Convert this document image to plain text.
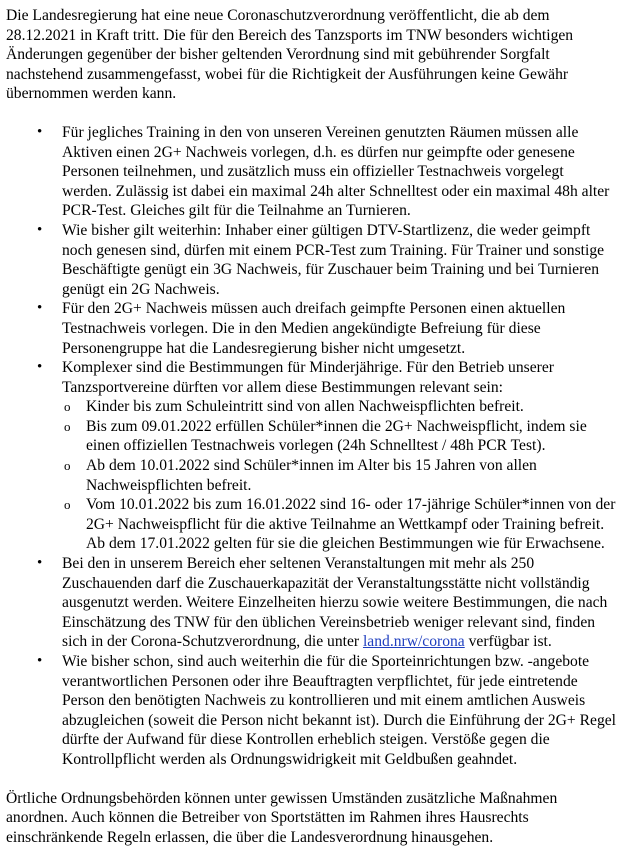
Die Landesregierung hat eine neue Coronaschutzverordnung veröffentlicht, die ab dem 28.12.2021 in Kraft tritt. Die für den Bereich des Tanzsports im TNW besonders wichtigen Änderungen gegenüber der bisher geltenden Verordnung sind mit gebührender Sorgfalt nachstehend zusammengefasst, wobei für die Richtigkeit der Ausführungen keine Gewähr übernommen werden kann.

• Für jegliches Training in den von unseren Vereinen genutzten Räumen müssen alle Aktiven einen 2G+ Nachweis vorlegen, d.h. es dürfen nur geimpfte oder genesene Personen teilnehmen, und zusätzlich muss ein offizieller Testnachweis vorgelegt werden. Zulässig ist dabei ein maximal 24h alter Schnelltest oder ein maximal 48h alter PCR-Test. Gleiches gilt für die Teilnahme an Turnieren.
• Wie bisher gilt weiterhin: Inhaber einer gültigen DTV-Startlizenz, die weder geimpft noch genesen sind, dürfen mit einem PCR-Test zum Training. Für Trainer und sonstige Beschäftigte genügt ein 3G Nachweis, für Zuschauer beim Training und bei Turnieren genügt ein 2G Nachweis.
• Für den 2G+ Nachweis müssen auch dreifach geimpfte Personen einen aktuellen Testnachweis vorlegen. Die in den Medien angekündigte Befreiung für diese Personengruppe hat die Landesregierung bisher nicht umgesetzt.
• Komplexer sind die Bestimmungen für Minderjährige. Für den Betrieb unserer Tanzsportvereine dürften vor allem diese Bestimmungen relevant sein:
o Kinder bis zum Schuleintritt sind von allen Nachweispflichten befreit.
o Bis zum 09.01.2022 erfüllen Schüler*innen die 2G+ Nachweispflicht, indem sie einen offiziellen Testnachweis vorlegen (24h Schnelltest / 48h PCR Test).
o Ab dem 10.01.2022 sind Schüler*innen im Alter bis 15 Jahren von allen Nachweispflichten befreit.
o Vom 10.01.2022 bis zum 16.01.2022 sind 16- oder 17-jährige Schüler*innen von der 2G+ Nachweispflicht für die aktive Teilnahme an Wettkampf oder Training befreit. Ab dem 17.01.2022 gelten für sie die gleichen Bestimmungen wie für Erwachsene.
• Bei den in unserem Bereich eher seltenen Veranstaltungen mit mehr als 250 Zuschauenden darf die Zuschauerkapazität der Veranstaltungsstätte nicht vollständig ausgenutzt werden. Weitere Einzelheiten hierzu sowie weitere Bestimmungen, die nach Einschätzung des TNW für den üblichen Vereinsbetrieb weniger relevant sind, finden sich in der Corona-Schutzverordnung, die unter land.nrw/corona verfügbar ist.
• Wie bisher schon, sind auch weiterhin die für die Sporteinrichtungen bzw. -angebote verantwortlichen Personen oder ihre Beauftragten verpflichtet, für jede eintretende Person den benötigten Nachweis zu kontrollieren und mit einem amtlichen Ausweis abzugleichen (soweit die Person nicht bekannt ist). Durch die Einführung der 2G+ Regel dürfte der Aufwand für diese Kontrollen erheblich steigen. Verstöße gegen die Kontrollpflicht werden als Ordnungswidrigkeit mit Geldbußen geahndet.

Örtliche Ordnungsbehörden können unter gewissen Umständen zusätzliche Maßnahmen anordnen. Auch können die Betreiber von Sportstätten im Rahmen ihres Hausrechts einschränkende Regeln erlassen, die über die Landesverordnung hinausgehen.
